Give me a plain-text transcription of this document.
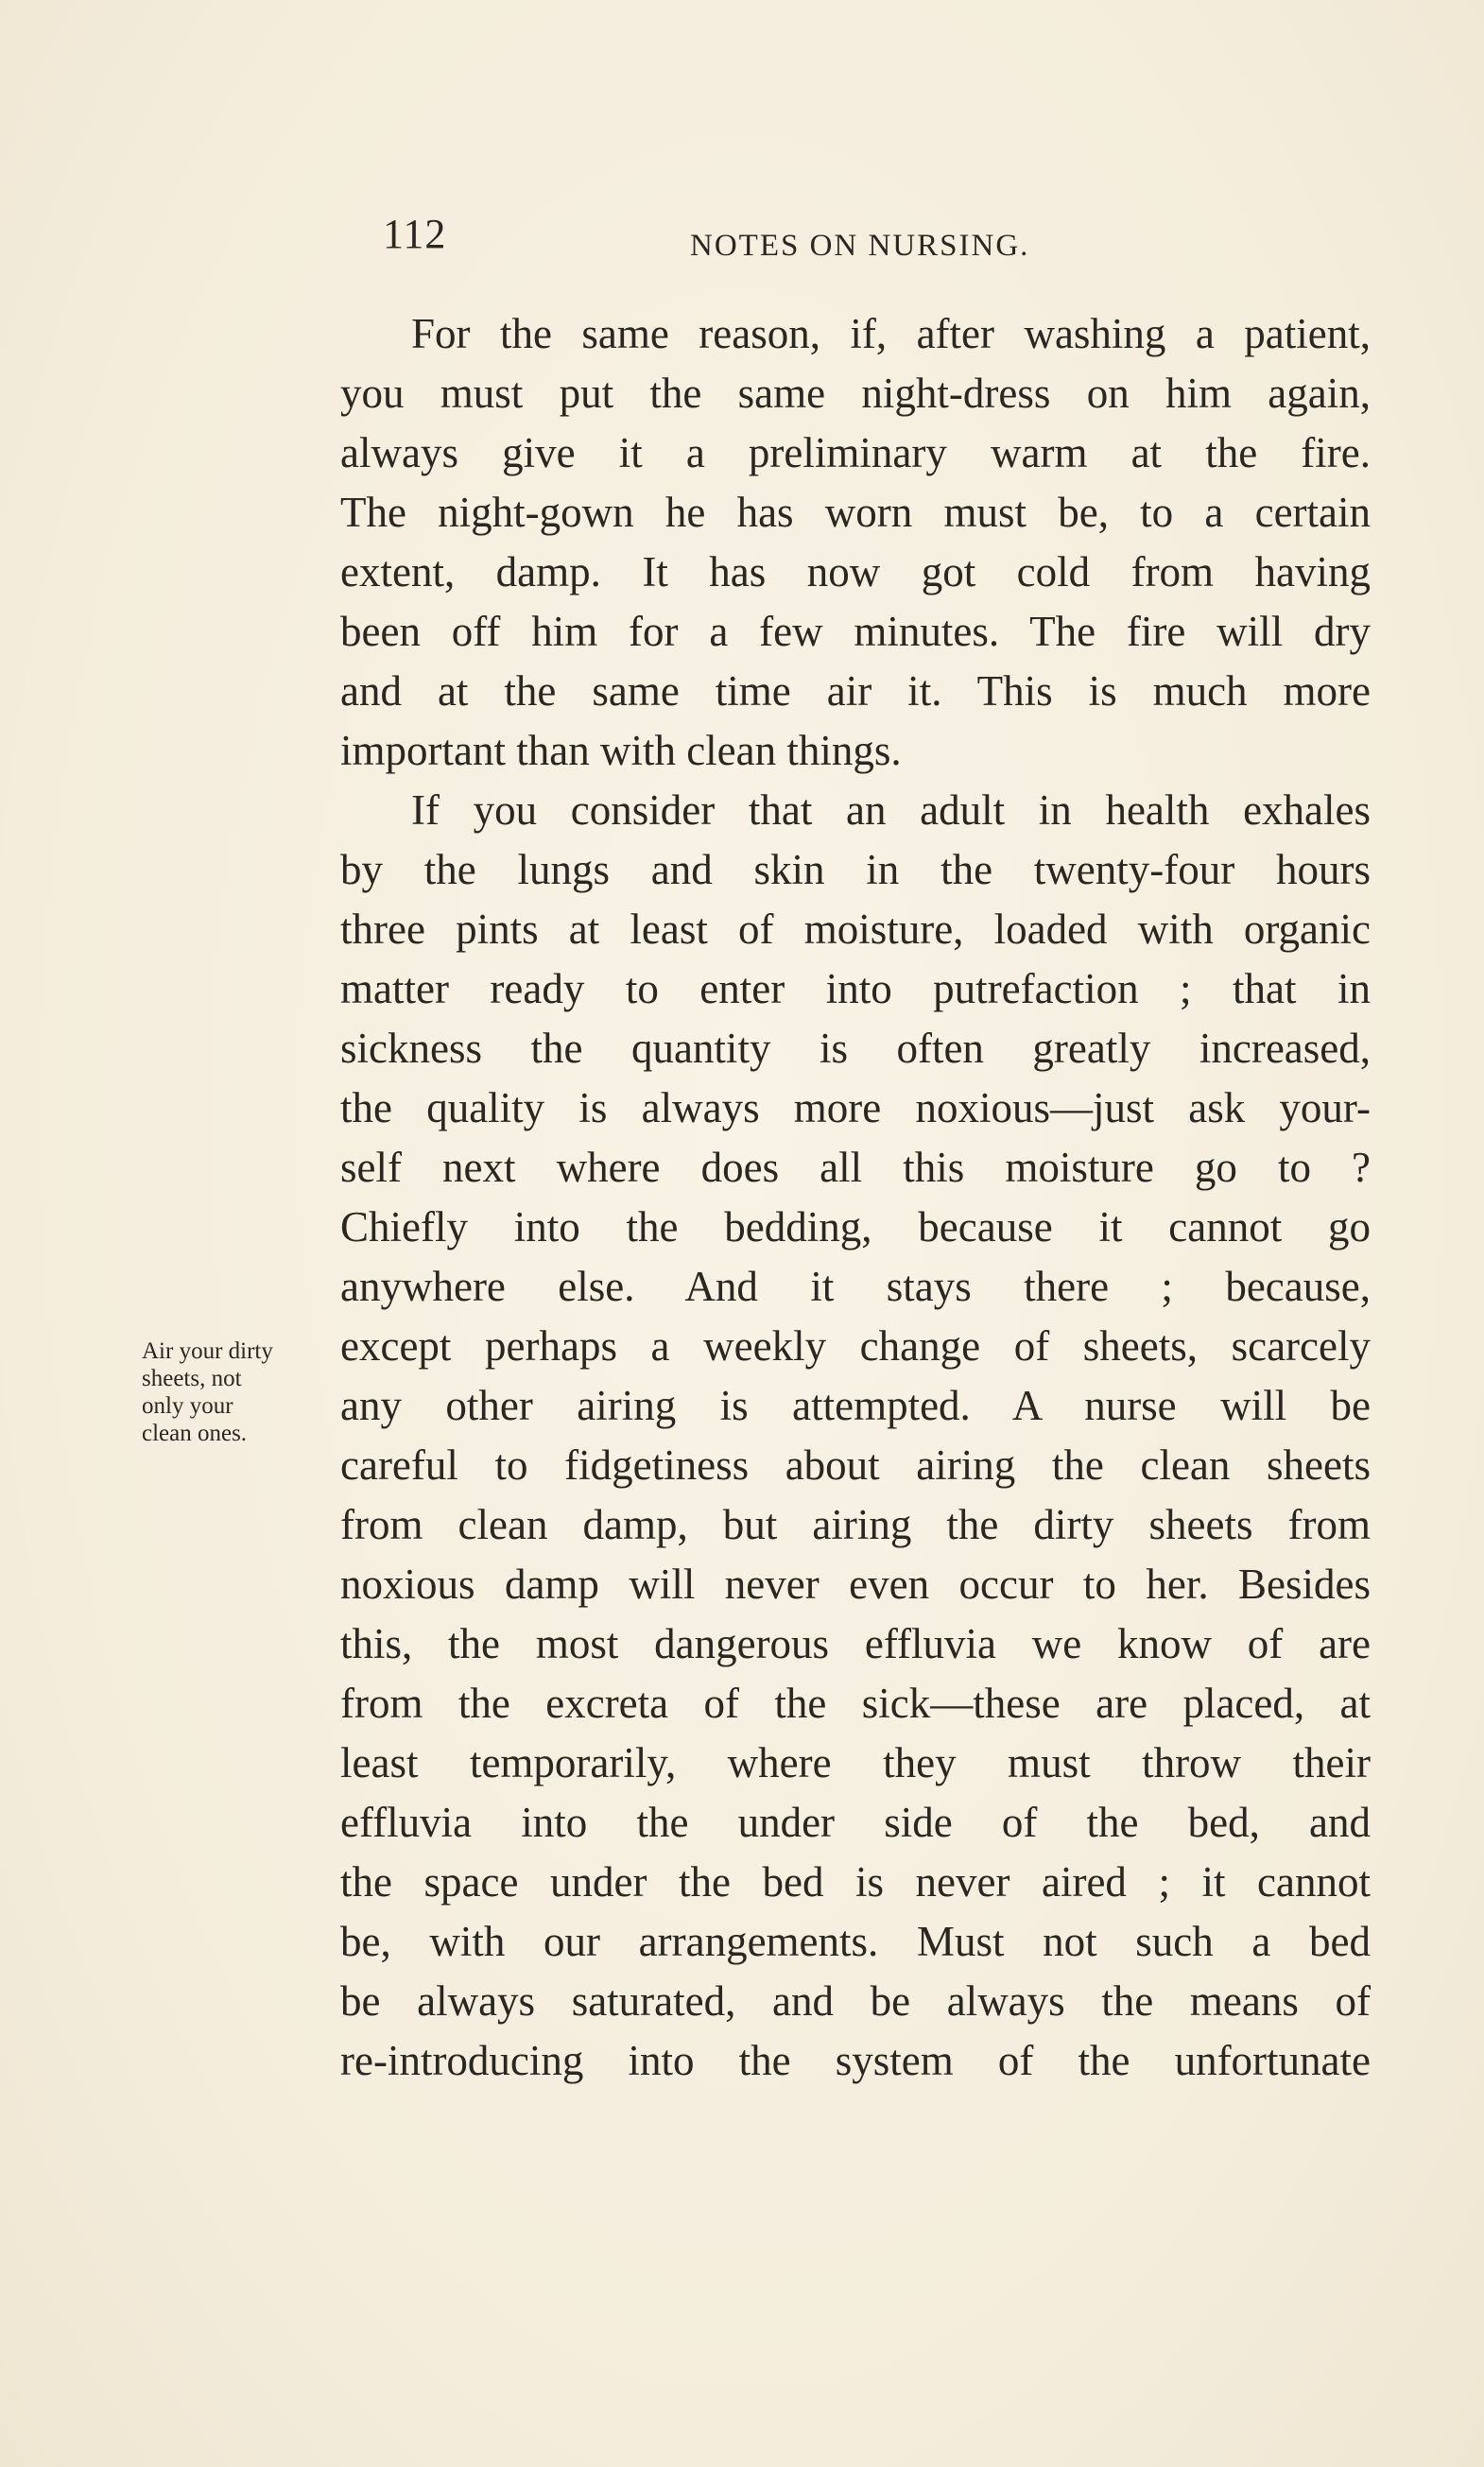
112	NOTES ON NURSING.
Air your dirty
sheets, not
only your
clean ones.
For the same reason, if, after washing a patient,
you must put the same night-dress on him again,
always give it a preliminary warm at the fire.
The night-gown he has worn must be, to a certain
extent, damp. It has now got cold from having
been off him for a few minutes. The fire will dry
and at the same time air it. This is much more
important than with clean things.
If you consider that an adult in health exhales
by the lungs and skin in the twenty-four hours
three pints at least of moisture, loaded with organic
matter ready to enter into putrefaction ; that in
sickness the quantity is often greatly increased,
the quality is always more noxious—just ask your-
self next where does all this moisture go to ?
Chiefly into the bedding, because it cannot go
anywhere else. And it stays there ; because,
except perhaps a weekly change of sheets, scarcely
any other airing is attempted. A nurse will be
careful to fidgetiness about airing the clean sheets
from clean damp, but airing the dirty sheets from
noxious damp will never even occur to her. Besides
this, the most dangerous effluvia we know of are
from the excreta of the sick—these are placed, at
least temporarily, where they must throw their
effluvia into the under side of the bed, and
the space under the bed is never aired ; it cannot
be, with our arrangements. Must not such a bed
be always saturated, and be always the means of
re-introducing into the system of the unfortunate
